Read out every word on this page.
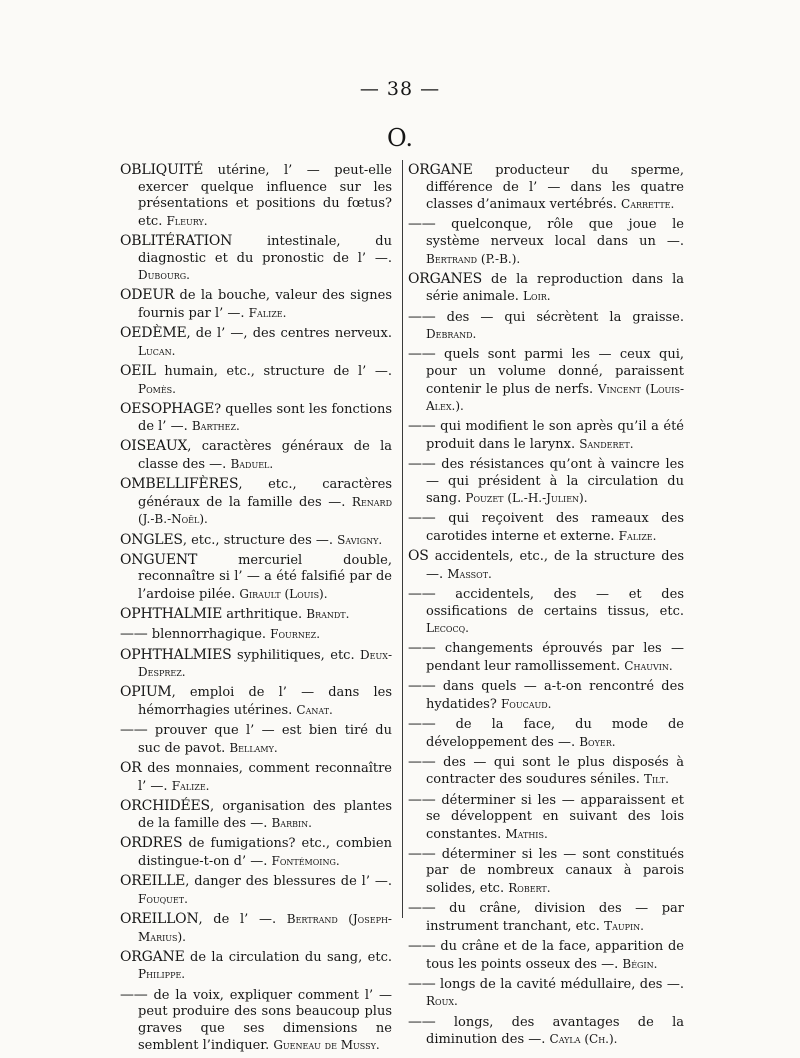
— 38 —
O.
OBLIQUITÉ utérine, l’ — peut-elle exercer quelque influence sur les présentations et positions du fœtus? etc. Fleury.
OBLITÉRATION intestinale, du diagnostic et du pronostic de l’ —. Dubourg.
ODEUR de la bouche, valeur des signes fournis par l’ —. Falize.
OEDÈME, de l’ —, des centres nerveux. Lucan.
OEIL humain, etc., structure de l’ —. Pomès.
OESOPHAGE? quelles sont les fonctions de l’ —. Barthez.
OISEAUX, caractères généraux de la classe des —. Baduel.
OMBELLIFÈRES, etc., caractères généraux de la famille des —. Renard (J.-B.-Noël).
ONGLES, etc., structure des —. Savigny.
ONGUENT mercuriel double, reconnaître si l’ — a été falsifié par de l’ardoise pilée. Girault (Louis).
OPHTHALMIE arthritique. Brandt.
—— blennorrhagique. Fournez.
OPHTHALMIES syphilitiques, etc. Deux-Desprez.
OPIUM, emploi de l’ — dans les hémorrhagies utérines. Canat.
—— prouver que l’ — est bien tiré du suc de pavot. Bellamy.
OR des monnaies, comment reconnaître l’ —. Falize.
ORCHIDÉES, organisation des plantes de la famille des —. Barbin.
ORDRES de fumigations? etc., combien distingue-t-on d’ —. Fontémoing.
OREILLE, danger des blessures de l’ —. Fouquet.
OREILLON, de l’ —. Bertrand (Joseph-Marius).
ORGANE de la circulation du sang, etc. Philippe.
—— de la voix, expliquer comment l’ — peut produire des sons beaucoup plus graves que ses dimensions ne semblent l’indiquer. Gueneau de Mussy.
ORGANE producteur du sperme, différence de l’ — dans les quatre classes d’animaux vertébrés. Carrette.
—— quelconque, rôle que joue le système nerveux local dans un —. Bertrand (P.-B.).
ORGANES de la reproduction dans la série animale. Loir.
—— des — qui sécrètent la graisse. Debrand.
—— quels sont parmi les — ceux qui, pour un volume donné, paraissent contenir le plus de nerfs. Vincent (Louis-Alex.).
—— qui modifient le son après qu’il a été produit dans le larynx. Sanderet.
—— des résistances qu’ont à vaincre les — qui président à la circulation du sang. Pouzet (L.-H.-Julien).
—— qui reçoivent des rameaux des carotides interne et externe. Falize.
OS accidentels, etc., de la structure des —. Massot.
—— accidentels, des — et des ossifications de certains tissus, etc. Lecocq.
—— changements éprouvés par les — pendant leur ramollissement. Chauvin.
—— dans quels — a-t-on rencontré des hydatides? Foucaud.
—— de la face, du mode de développement des —. Boyer.
—— des — qui sont le plus disposés à contracter des soudures séniles. Tilt.
—— déterminer si les — apparaissent et se développent en suivant des lois constantes. Mathis.
—— déterminer si les — sont constitués par de nombreux canaux à parois solides, etc. Robert.
—— du crâne, division des — par instrument tranchant, etc. Taupin.
—— du crâne et de la face, apparition de tous les points osseux des —. Bégin.
—— longs de la cavité médullaire, des —. Roux.
—— longs, des avantages de la diminution des —. Cayla (Ch.).
